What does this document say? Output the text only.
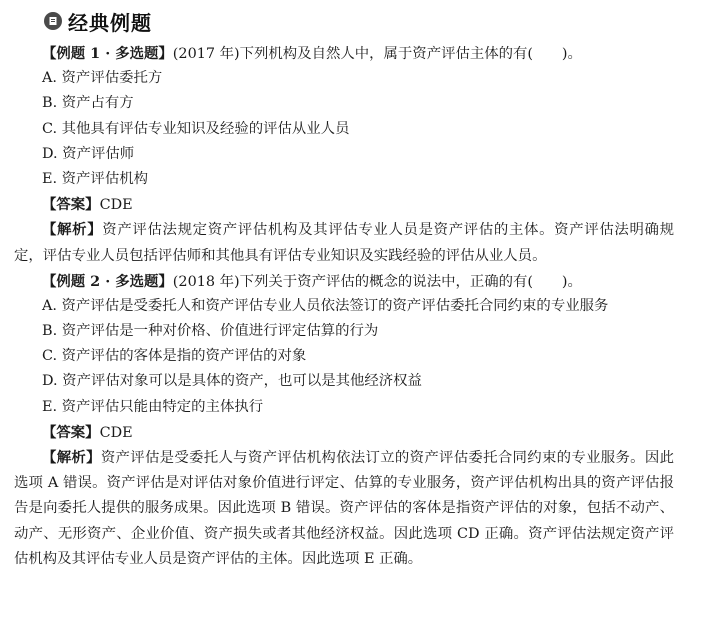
经典例题
【例题 1 · 多选题】(2017 年)下列机构及自然人中，属于资产评估主体的有(　　)。
A. 资产评估委托方
B. 资产占有方
C. 其他具有评估专业知识及经验的评估从业人员
D. 资产评估师
E. 资产评估机构
【答案】CDE
【解析】资产评估法规定资产评估机构及其评估专业人员是资产评估的主体。资产评估法明确规定，评估专业人员包括评估师和其他具有评估专业知识及实践经验的评估从业人员。
【例题 2 · 多选题】(2018 年)下列关于资产评估的概念的说法中，正确的有(　　)。
A. 资产评估是受委托人和资产评估专业人员依法签订的资产评估委托合同约束的专业服务
B. 资产评估是一种对价格、价值进行评定估算的行为
C. 资产评估的客体是指的资产评估的对象
D. 资产评估对象可以是具体的资产，也可以是其他经济权益
E. 资产评估只能由特定的主体执行
【答案】CDE
【解析】资产评估是受委托人与资产评估机构依法订立的资产评估委托合同约束的专业服务。因此选项 A 错误。资产评估是对评估对象价值进行评定、估算的专业服务，资产评估机构出具的资产评估报告是向委托人提供的服务成果。因此选项 B 错误。资产评估的客体是指资产评估的对象，包括不动产、动产、无形资产、企业价值、资产损失或者其他经济权益。因此选项 CD 正确。资产评估法规定资产评估机构及其评估专业人员是资产评估的主体。因此选项 E 正确。
